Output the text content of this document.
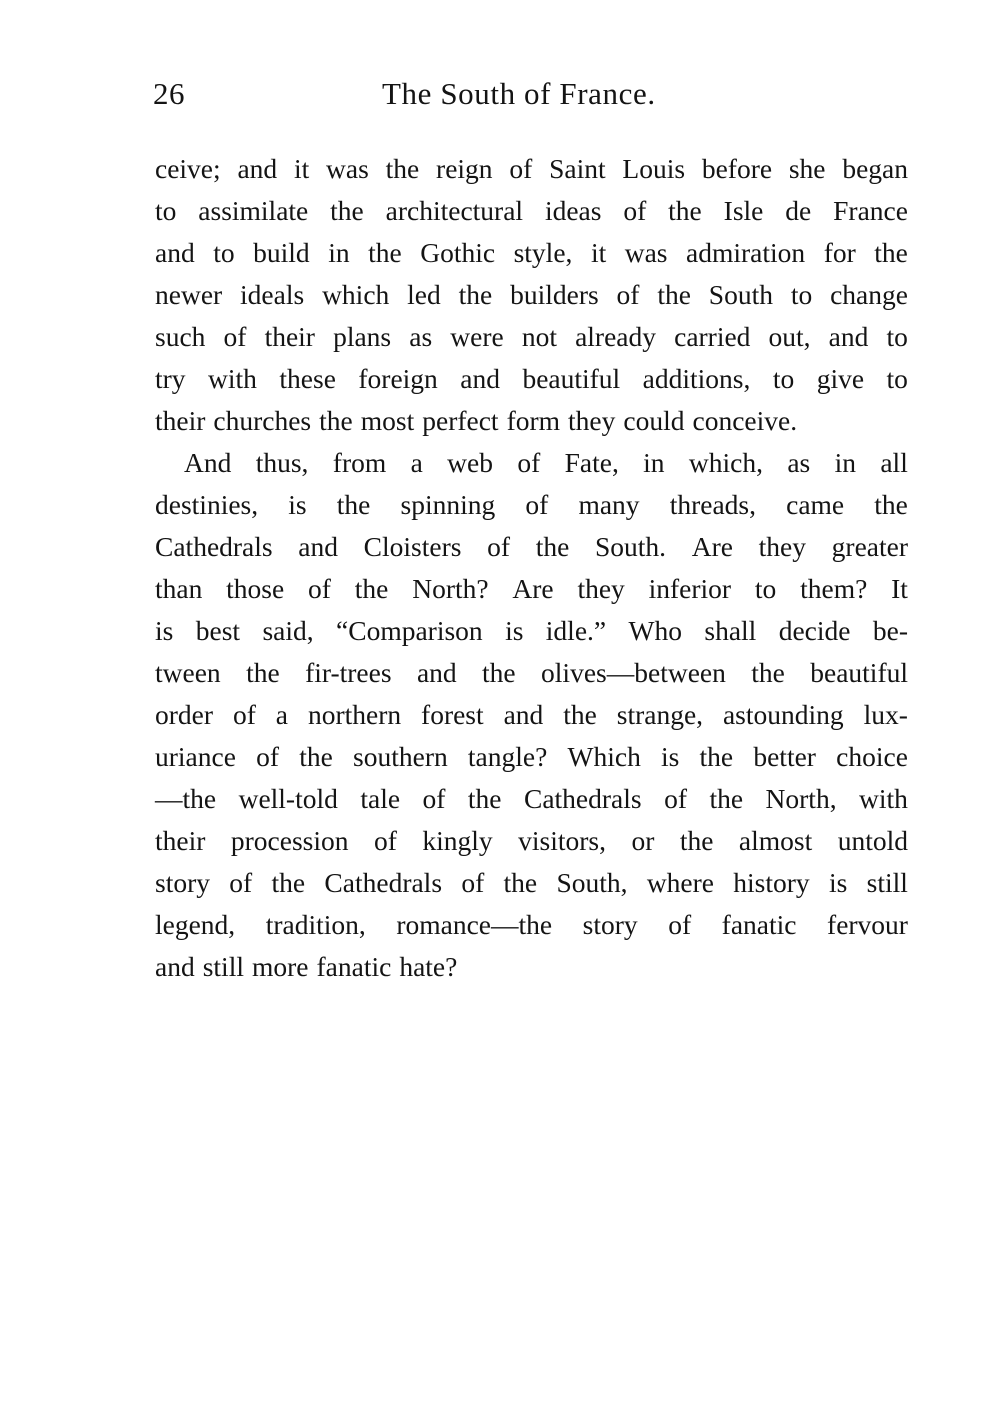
26	The South of France.
ceive; and it was the reign of Saint Louis before she began
to assimilate the architectural ideas of the Isle de France
and to build in the Gothic style, it was admiration for the
newer ideals which led the builders of the South to change
such of their plans as were not already carried out, and to
try with these foreign and beautiful additions, to give to
their churches the most perfect form they could conceive.
And thus, from a web of Fate, in which, as in all
destinies, is the spinning of many threads, came the
Cathedrals and Cloisters of the South. Are they greater
than those of the North? Are they inferior to them? It
is best said, “Comparison is idle.” Who shall decide be-
tween the fir-trees and the olives—between the beautiful
order of a northern forest and the strange, astounding lux-
uriance of the southern tangle? Which is the better choice
—the well-told tale of the Cathedrals of the North, with
their procession of kingly visitors, or the almost untold
story of the Cathedrals of the South, where history is still
legend, tradition, romance—the story of fanatic fervour
and still more fanatic hate?
